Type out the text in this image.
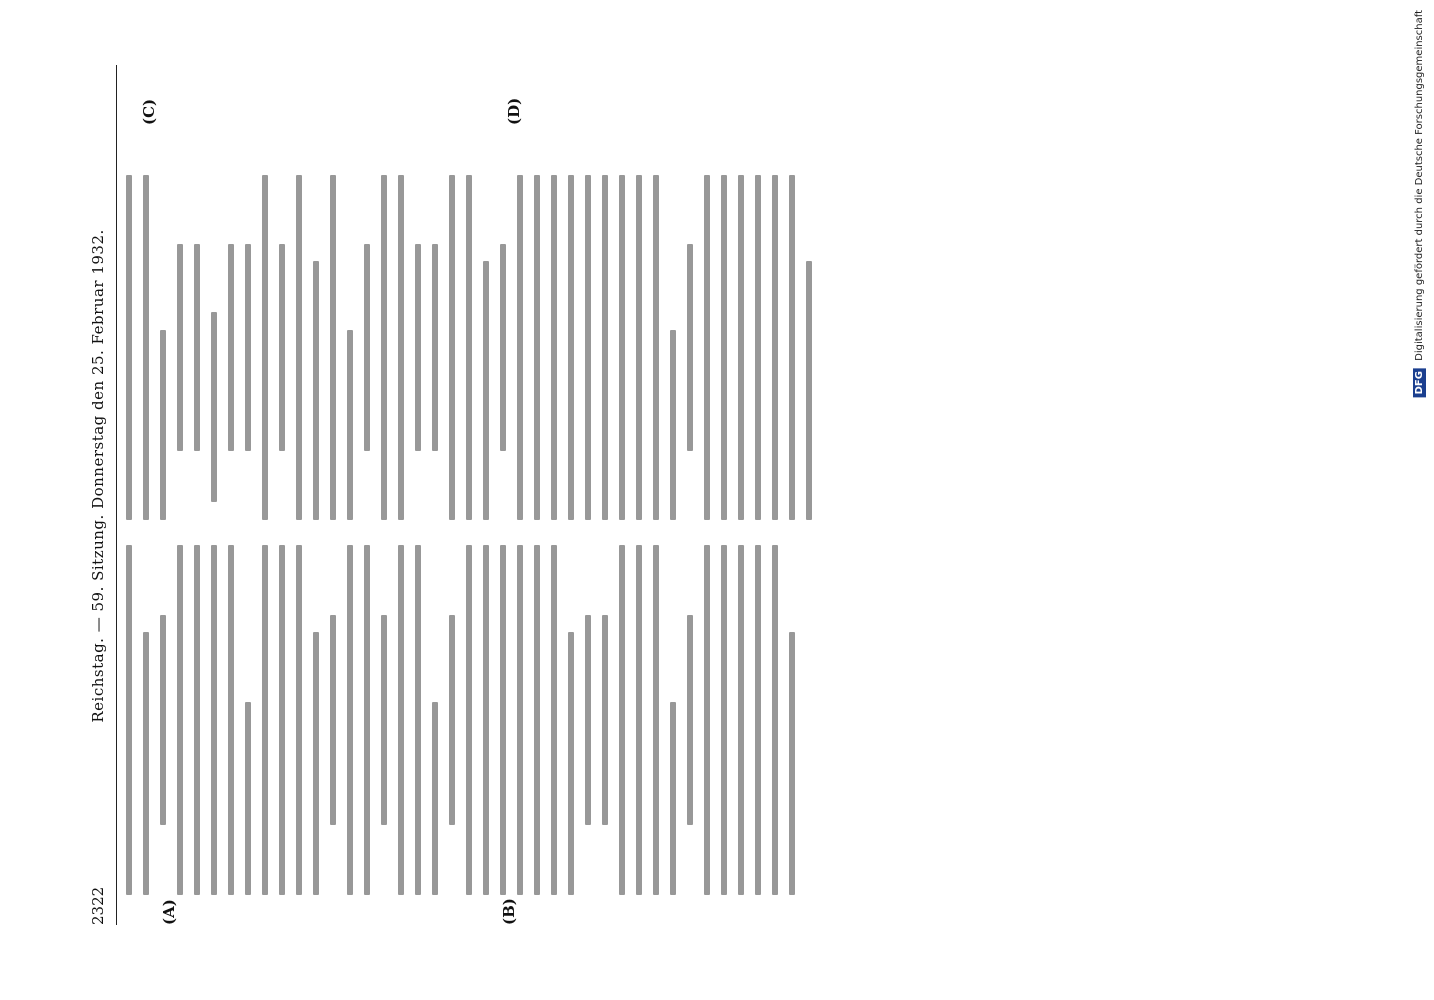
DFG Digitalisierung gefördert durch die Deutsche Forschungsgemeinschaft
2322
Reichstag. — 59. Sitzung. Donnerstag den 25. Februar 1932.
(A)	(B)
(C)	(D)
